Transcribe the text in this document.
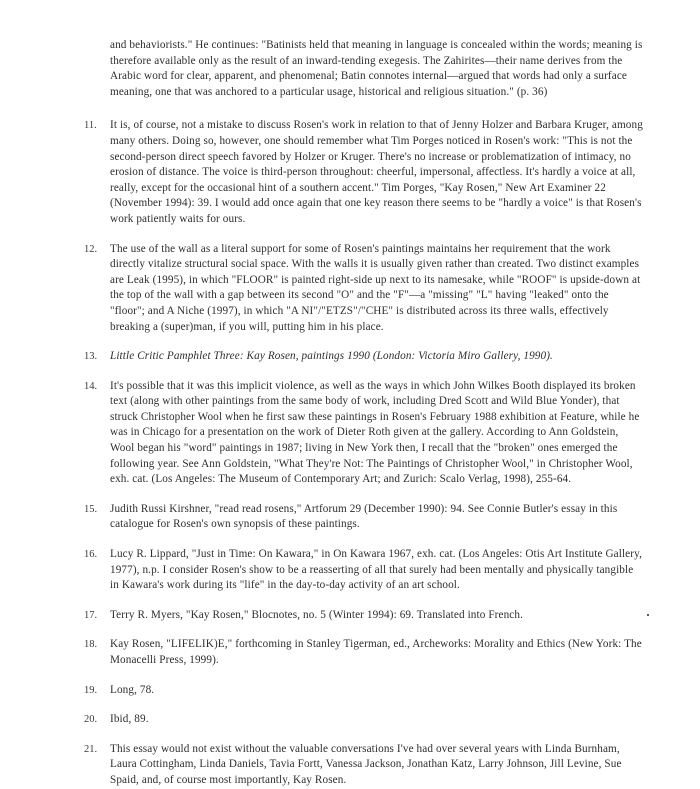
and behaviorists." He continues: "Batinists held that meaning in language is concealed within the words; meaning is therefore available only as the result of an inward-tending exegesis. The Zahirites—their name derives from the Arabic word for clear, apparent, and phenomenal; Batin connotes internal—argued that words had only a surface meaning, one that was anchored to a particular usage, historical and religious situation." (p. 36)
11.	It is, of course, not a mistake to discuss Rosen's work in relation to that of Jenny Holzer and Barbara Kruger, among many others. Doing so, however, one should remember what Tim Porges noticed in Rosen's work: "This is not the second-person direct speech favored by Holzer or Kruger. There's no increase or problematization of intimacy, no erosion of distance. The voice is third-person throughout: cheerful, impersonal, affectless. It's hardly a voice at all, really, except for the occasional hint of a southern accent." Tim Porges, "Kay Rosen," New Art Examiner 22 (November 1994): 39. I would add once again that one key reason there seems to be "hardly a voice" is that Rosen's work patiently waits for ours.
12.	The use of the wall as a literal support for some of Rosen's paintings maintains her requirement that the work directly vitalize structural social space. With the walls it is usually given rather than created. Two distinct examples are Leak (1995), in which "FLOOR" is painted right-side up next to its namesake, while "ROOF" is upside-down at the top of the wall with a gap between its second "O" and the "F"—a "missing" "L" having "leaked" onto the "floor"; and A Niche (1997), in which "A NI"/"ETZS"/"CHE" is distributed across its three walls, effectively breaking a (super)man, if you will, putting him in his place.
13.	Little Critic Pamphlet Three: Kay Rosen, paintings 1990 (London: Victoria Miro Gallery, 1990).
14.	It's possible that it was this implicit violence, as well as the ways in which John Wilkes Booth displayed its broken text (along with other paintings from the same body of work, including Dred Scott and Wild Blue Yonder), that struck Christopher Wool when he first saw these paintings in Rosen's February 1988 exhibition at Feature, while he was in Chicago for a presentation on the work of Dieter Roth given at the gallery. According to Ann Goldstein, Wool began his "word" paintings in 1987; living in New York then, I recall that the "broken" ones emerged the following year. See Ann Goldstein, "What They're Not: The Paintings of Christopher Wool," in Christopher Wool, exh. cat. (Los Angeles: The Museum of Contemporary Art; and Zurich: Scalo Verlag, 1998), 255-64.
15.	Judith Russi Kirshner, "read read rosens," Artforum 29 (December 1990): 94. See Connie Butler's essay in this catalogue for Rosen's own synopsis of these paintings.
16.	Lucy R. Lippard, "Just in Time: On Kawara," in On Kawara 1967, exh. cat. (Los Angeles: Otis Art Institute Gallery, 1977), n.p. I consider Rosen's show to be a reasserting of all that surely had been mentally and physically tangible in Kawara's work during its "life" in the day-to-day activity of an art school.
17.	Terry R. Myers, "Kay Rosen," Blocnotes, no. 5 (Winter 1994): 69. Translated into French.
18.	Kay Rosen, "LIFELIK)E," forthcoming in Stanley Tigerman, ed., Archeworks: Morality and Ethics (New York: The Monacelli Press, 1999).
19.	Long, 78.
20.	Ibid, 89.
21.	This essay would not exist without the valuable conversations I've had over several years with Linda Burnham, Laura Cottingham, Linda Daniels, Tavia Fortt, Vanessa Jackson, Jonathan Katz, Larry Johnson, Jill Levine, Sue Spaid, and, of course most importantly, Kay Rosen.
